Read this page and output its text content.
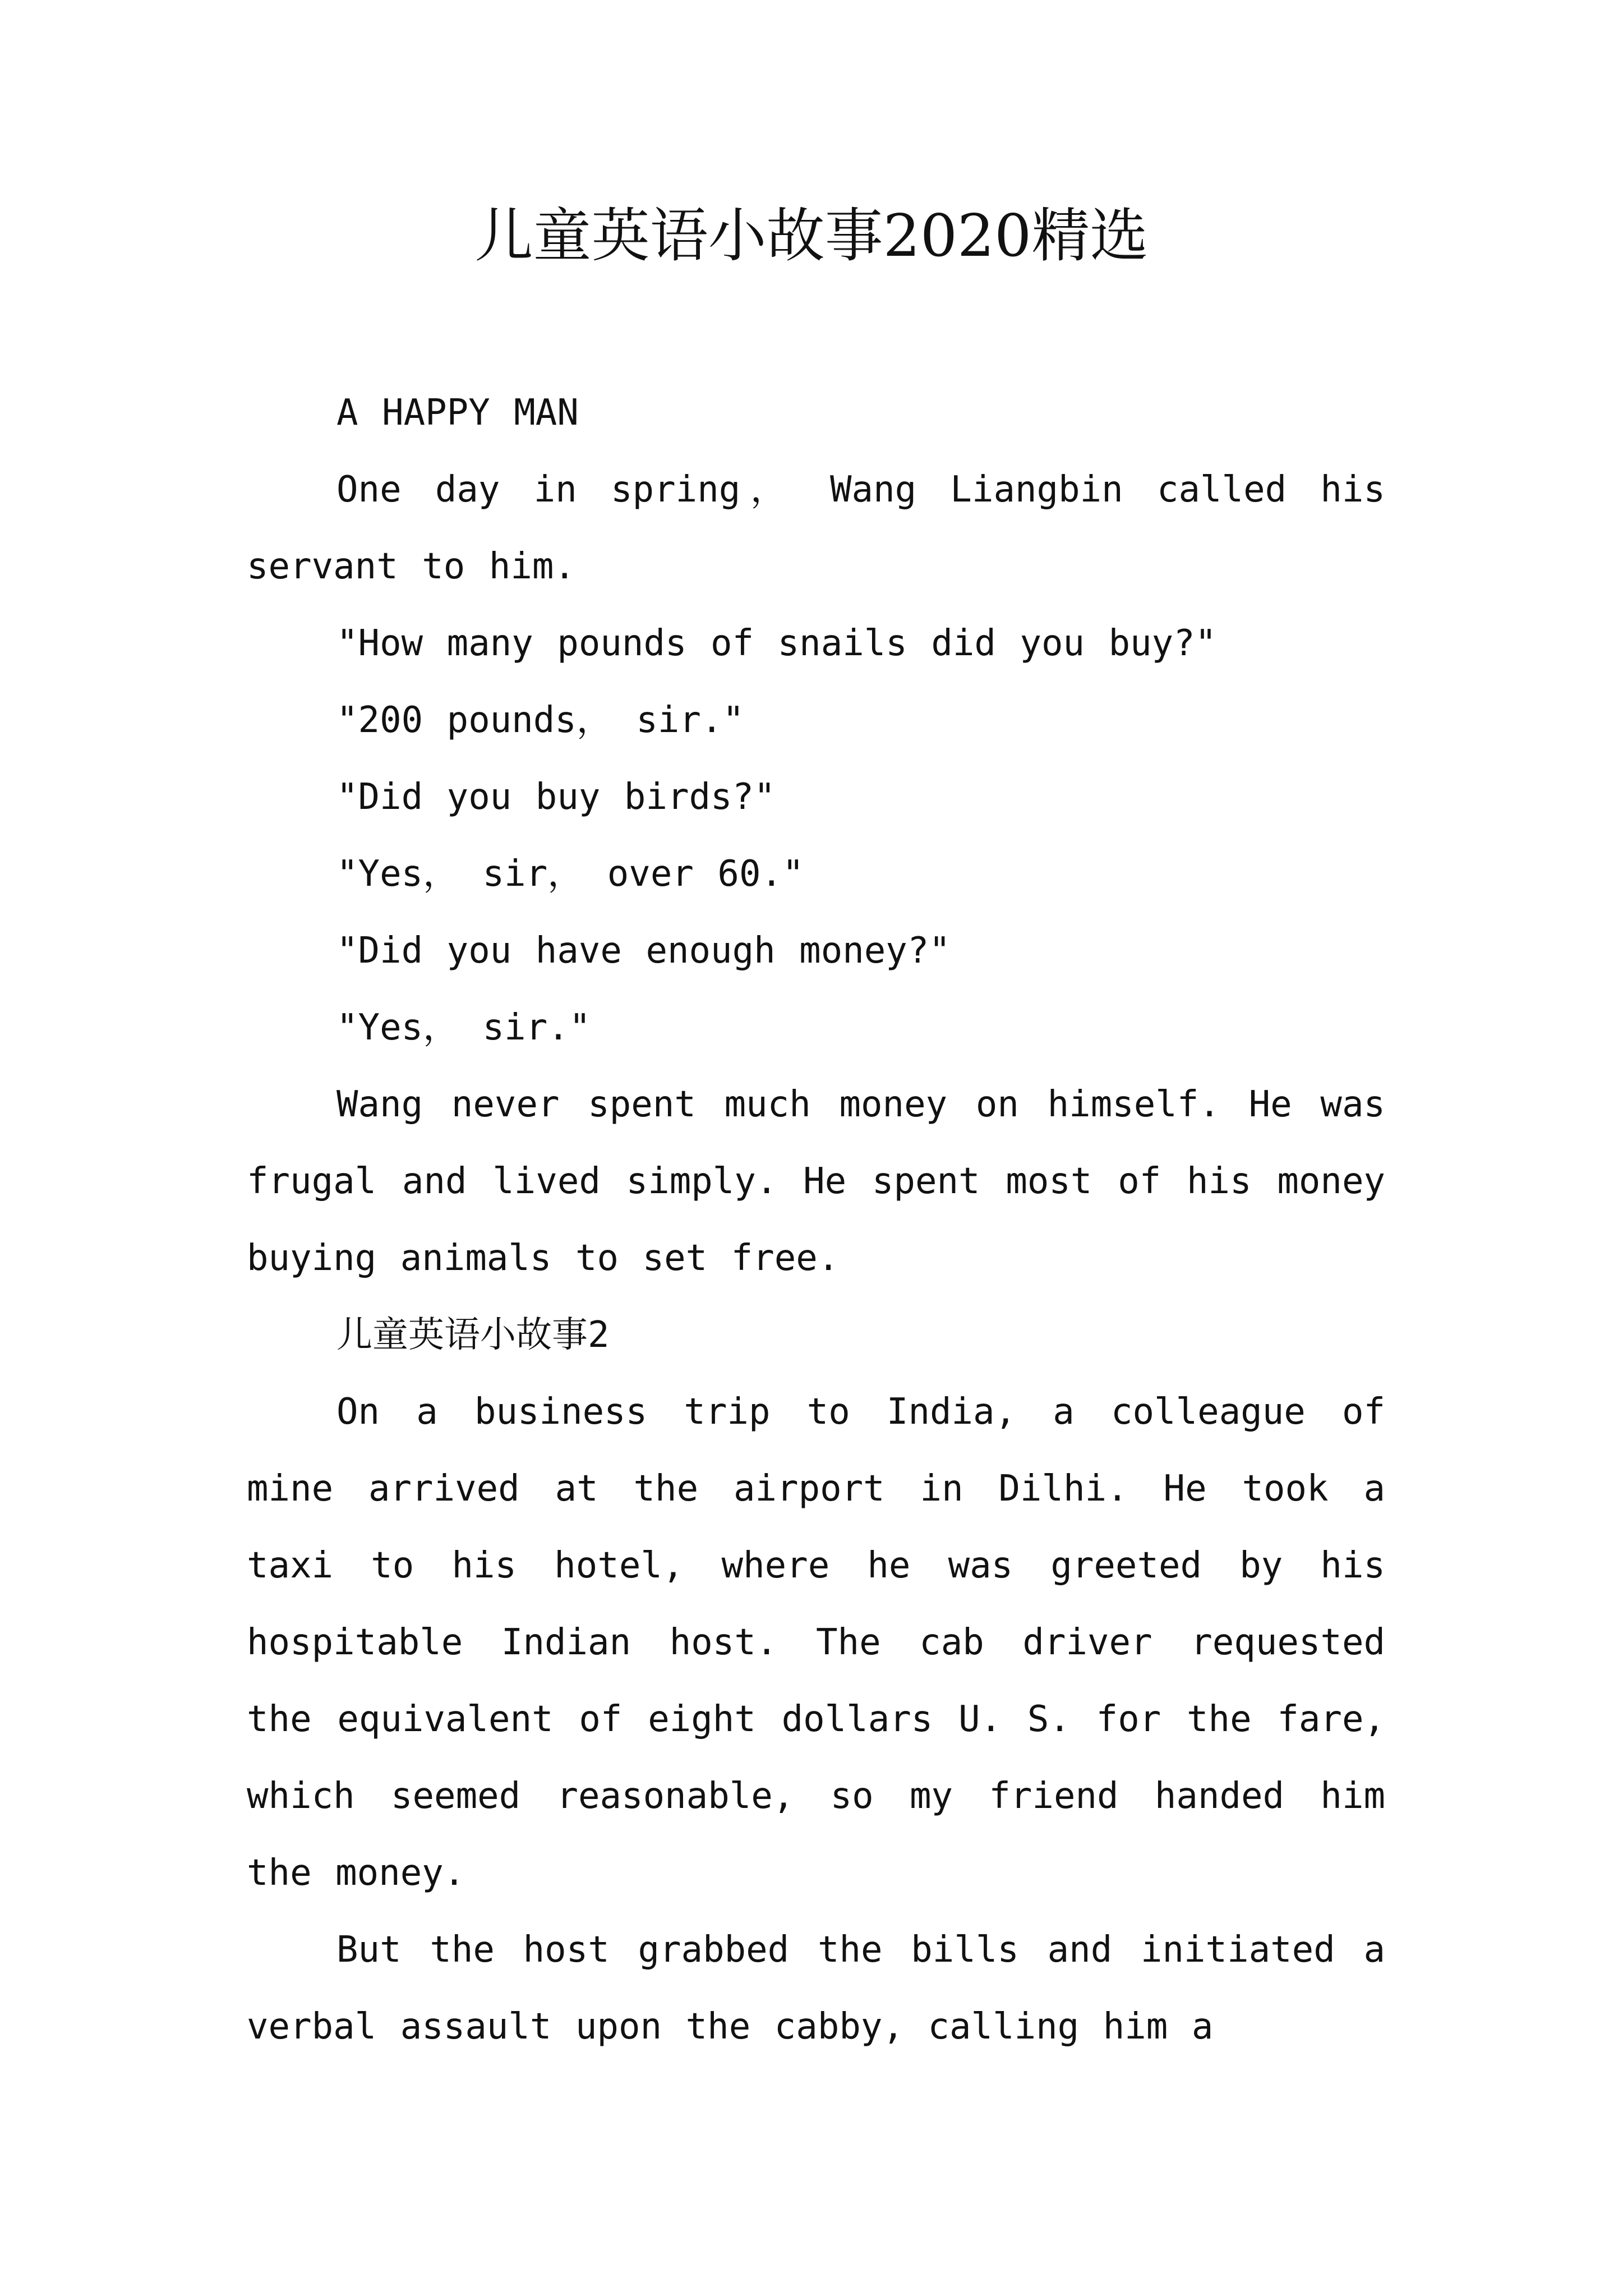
儿童英语小故事2020精选

A HAPPY MAN

One day in spring， Wang Liangbin called his servant to him.

"How many pounds of snails did you buy?"

"200 pounds， sir."

"Did you buy birds?"

"Yes， sir， over 60."

"Did you have enough money?"

"Yes， sir."

Wang never spent much money on himself. He was frugal and lived simply. He spent most of his money buying animals to set free.

儿童英语小故事2

On a business trip to India, a colleague of mine arrived at the airport in Dilhi. He took a taxi to his hotel, where he was greeted by his hospitable Indian host. The cab driver requested the equivalent of eight dollars U. S. for the fare, which seemed reasonable, so my friend handed him the money.

But the host grabbed the bills and initiated a verbal assault upon the cabby, calling him a
